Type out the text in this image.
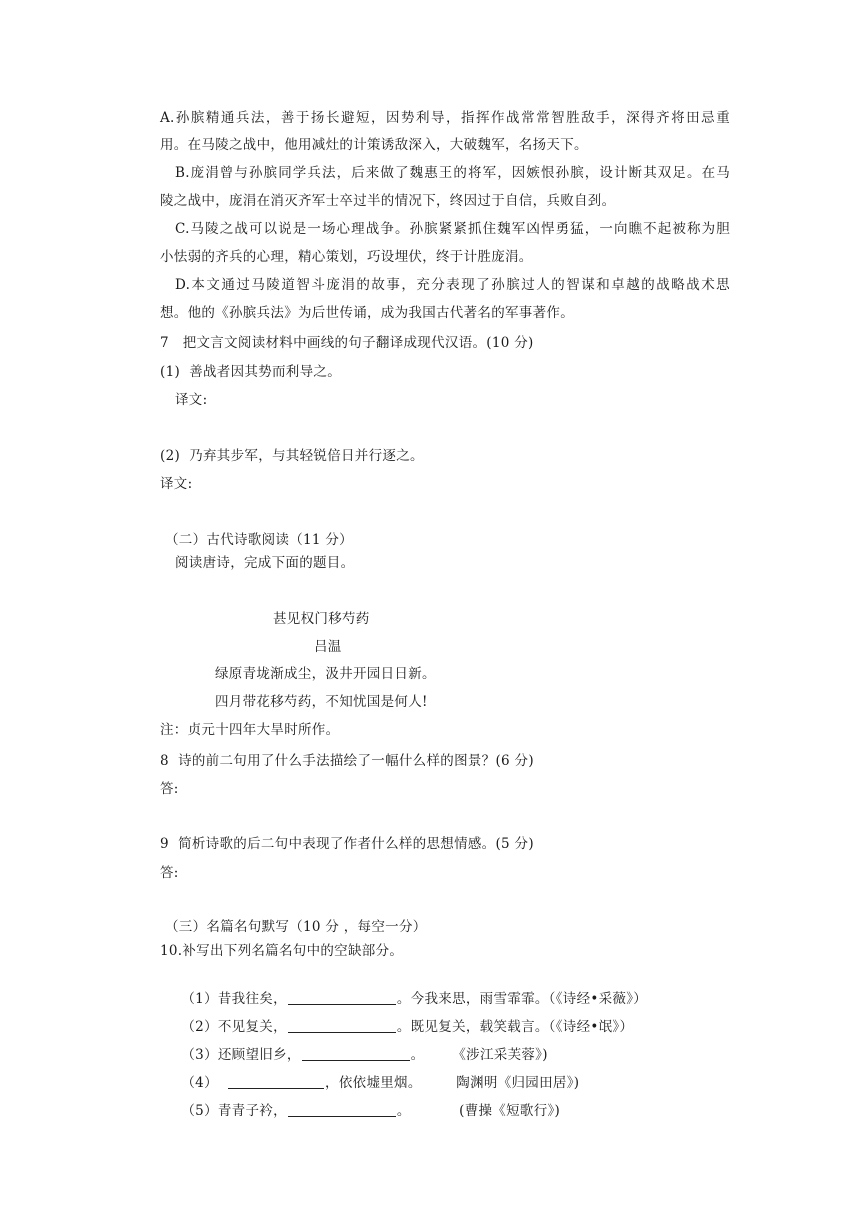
A.孙膑精通兵法，善于扬长避短，因势利导，指挥作战常常智胜敌手，深得齐将田忌重
用。在马陵之战中，他用减灶的计策诱敌深入，大破魏军，名扬天下。
B.庞涓曾与孙膑同学兵法，后来做了魏惠王的将军，因嫉恨孙膑，设计断其双足。在马
陵之战中，庞涓在消灭齐军士卒过半的情况下，终因过于自信，兵败自刭。
C.马陵之战可以说是一场心理战争。孙膑紧紧抓住魏军凶悍勇猛，一向瞧不起被称为胆
小怯弱的齐兵的心理，精心策划，巧设埋伏，终于计胜庞涓。
D.本文通过马陵道智斗庞涓的故事，充分表现了孙膑过人的智谋和卓越的战略战术思
想。他的《孙膑兵法》为后世传诵，成为我国古代著名的军事著作。
7　把文言文阅读材料中画线的句子翻译成现代汉语。(10 分)
(1)  善战者因其势而利导之。
译文:
(2)  乃弃其步军，与其轻锐倍日并行逐之。
译文:
（二）古代诗歌阅读（11 分）
阅读唐诗，完成下面的题目。
甚见权门移芍药
吕温
绿原青垅渐成尘，汲井开园日日新。
四月带花移芍药，不知忧国是何人!
注：贞元十四年大旱时所作。
8  诗的前二句用了什么手法描绘了一幅什么样的图景？(6 分)
答:
9  简析诗歌的后二句中表现了作者什么样的思想情感。(5 分)
答:
（三）名篇名句默写（10 分 ，每空一分）
10.补写出下列名篇名句中的空缺部分。

（1）昔我往矣，	。今我来思，雨雪霏霏。（《诗经•采薇》）

（2）不见复关，	。既见复关，载笑载言。（《诗经•氓》）

（3）还顾望旧乡，	。　　　《涉江采芙蓉》)

（4）	，依依墟里烟。　　　陶渊明《归园田居》)

（5）青青子衿，	。　　　　(曹操《短歌行》)
